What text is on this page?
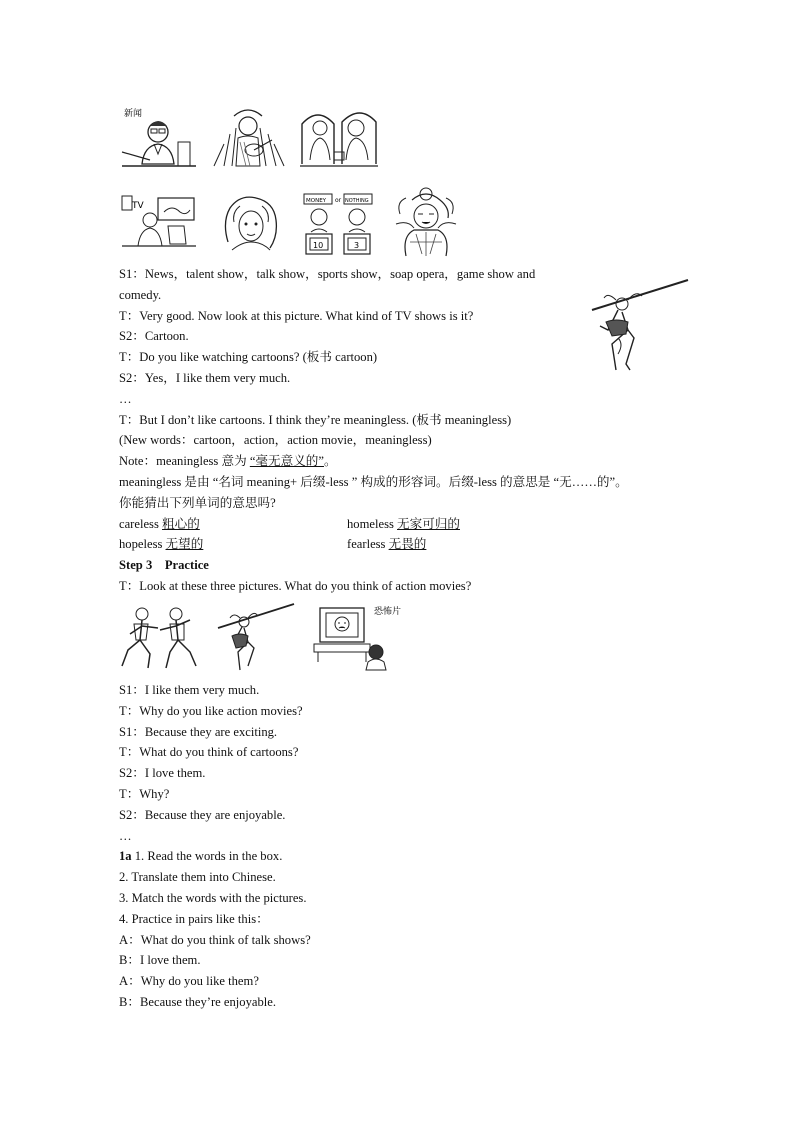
新闻
TV	MONEY or NOTHING
10	3
S1：News，talent show，talk show，sports show，soap opera，game show and
comedy.
T：Very good. Now look at this picture. What kind of TV shows is it?
S2：Cartoon.
T：Do you like watching cartoons? (板书 cartoon)
S2：Yes，I like them very much.
…
T：But I don’t like cartoons. I think they’re meaningless. (板书 meaningless)
(New words：cartoon，action，action movie，meaningless)
Note：meaningless 意为 “毫无意义的”。
meaningless 是由 “名词 meaning+ 后缀-less ” 构成的形容词。后缀-less 的意思是 “无……的”。
你能猜出下列单词的意思吗?
careless 粗心的	homeless 无家可归的
hopeless 无望的	fearless 无畏的
Step 3    Practice
T：Look at these three pictures. What do you think of action movies?
恐怖片
S1：I like them very much.
T：Why do you like action movies?
S1：Because they are exciting.
T：What do you think of cartoons?
S2：I love them.
T：Why?
S2：Because they are enjoyable.
…
1a 1. Read the words in the box.
2. Translate them into Chinese.
3. Match the words with the pictures.
4. Practice in pairs like this：
A：What do you think of talk shows?
B：I love them.
A：Why do you like them?
B：Because they’re enjoyable.
